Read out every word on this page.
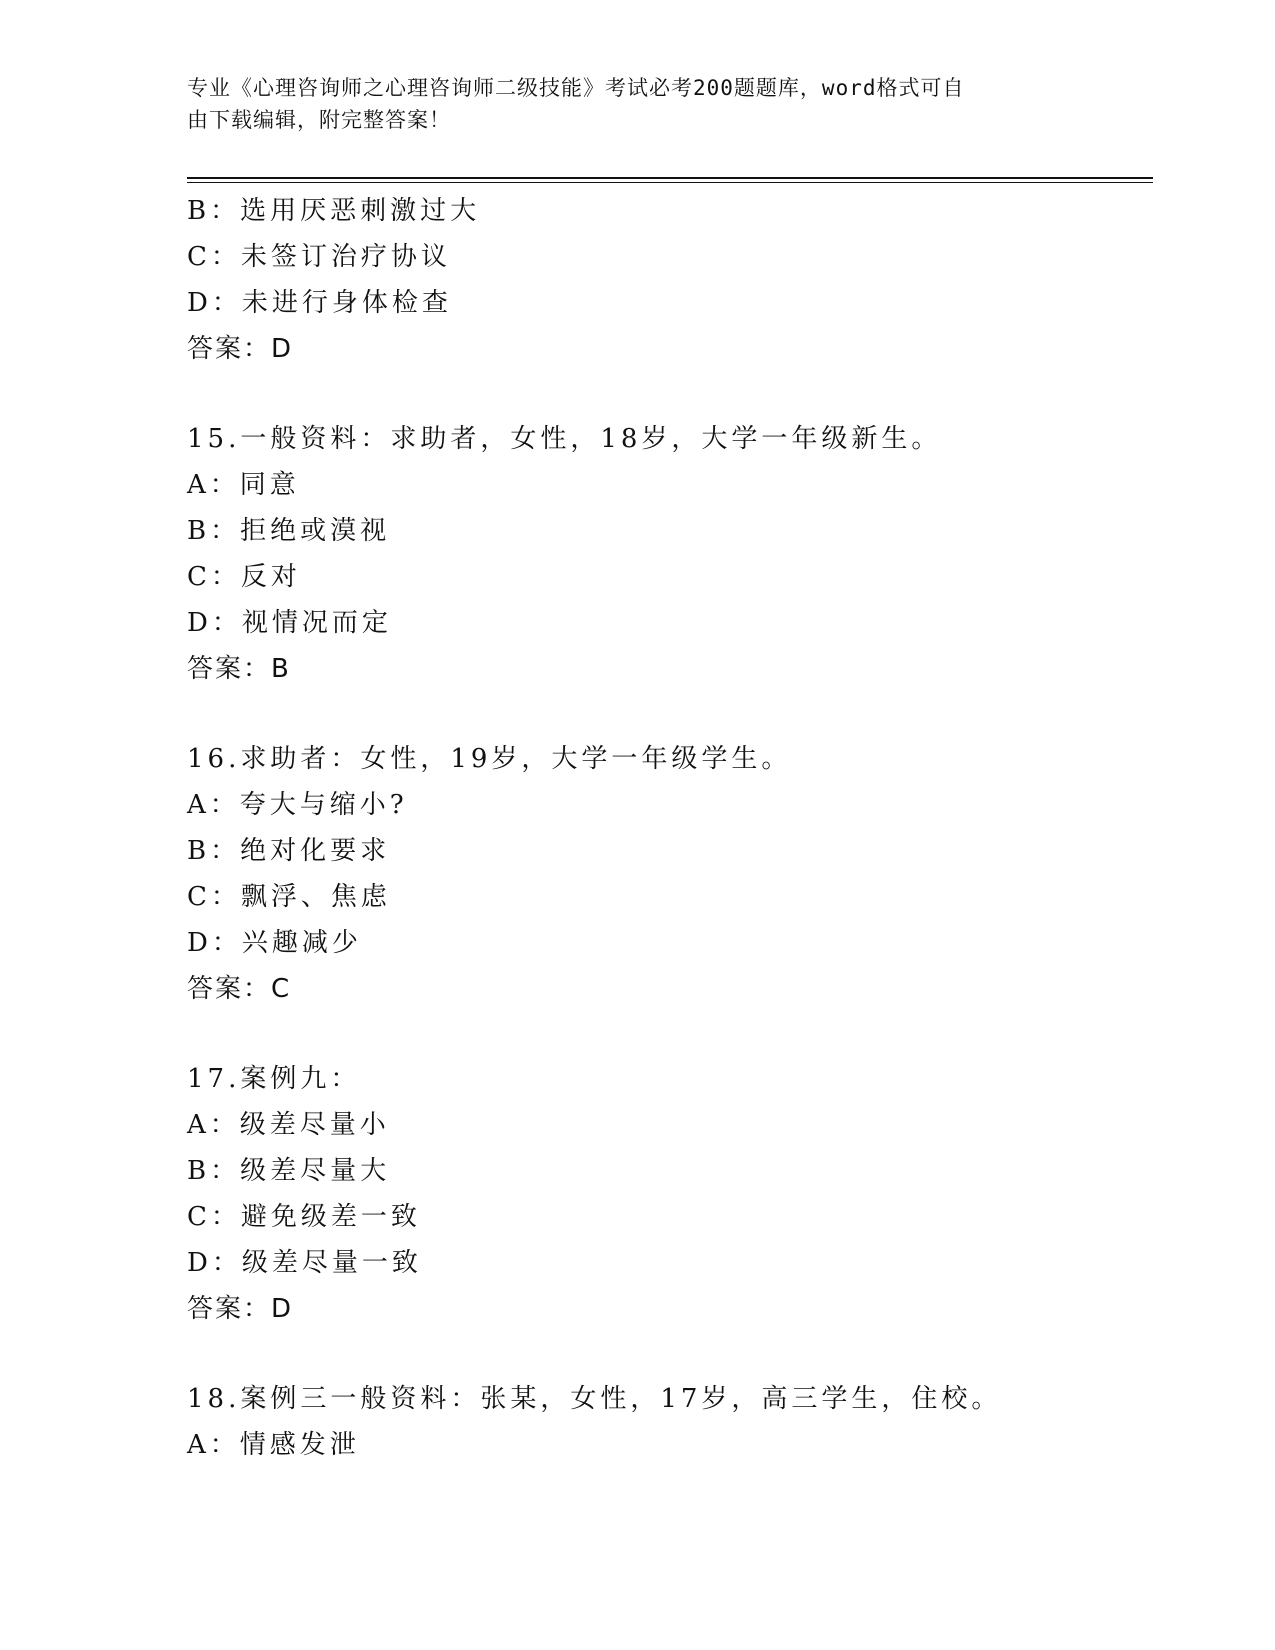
专业《心理咨询师之心理咨询师二级技能》考试必考200题题库，word格式可自
由下载编辑，附完整答案！
B：选用厌恶刺激过大
C：未签订治疗协议
D：未进行身体检查
答案：D
15.一般资料：求助者，女性，18岁，大学一年级新生。
A：同意
B：拒绝或漠视
C：反对
D：视情况而定
答案：B
16.求助者：女性，19岁，大学一年级学生。
A：夸大与缩小?
B：绝对化要求
C：飘浮、焦虑
D：兴趣减少
答案：C
17.案例九：
A：级差尽量小
B：级差尽量大
C：避免级差一致
D：级差尽量一致
答案：D
18.案例三一般资料：张某，女性，17岁，高三学生，住校。
A：情感发泄
